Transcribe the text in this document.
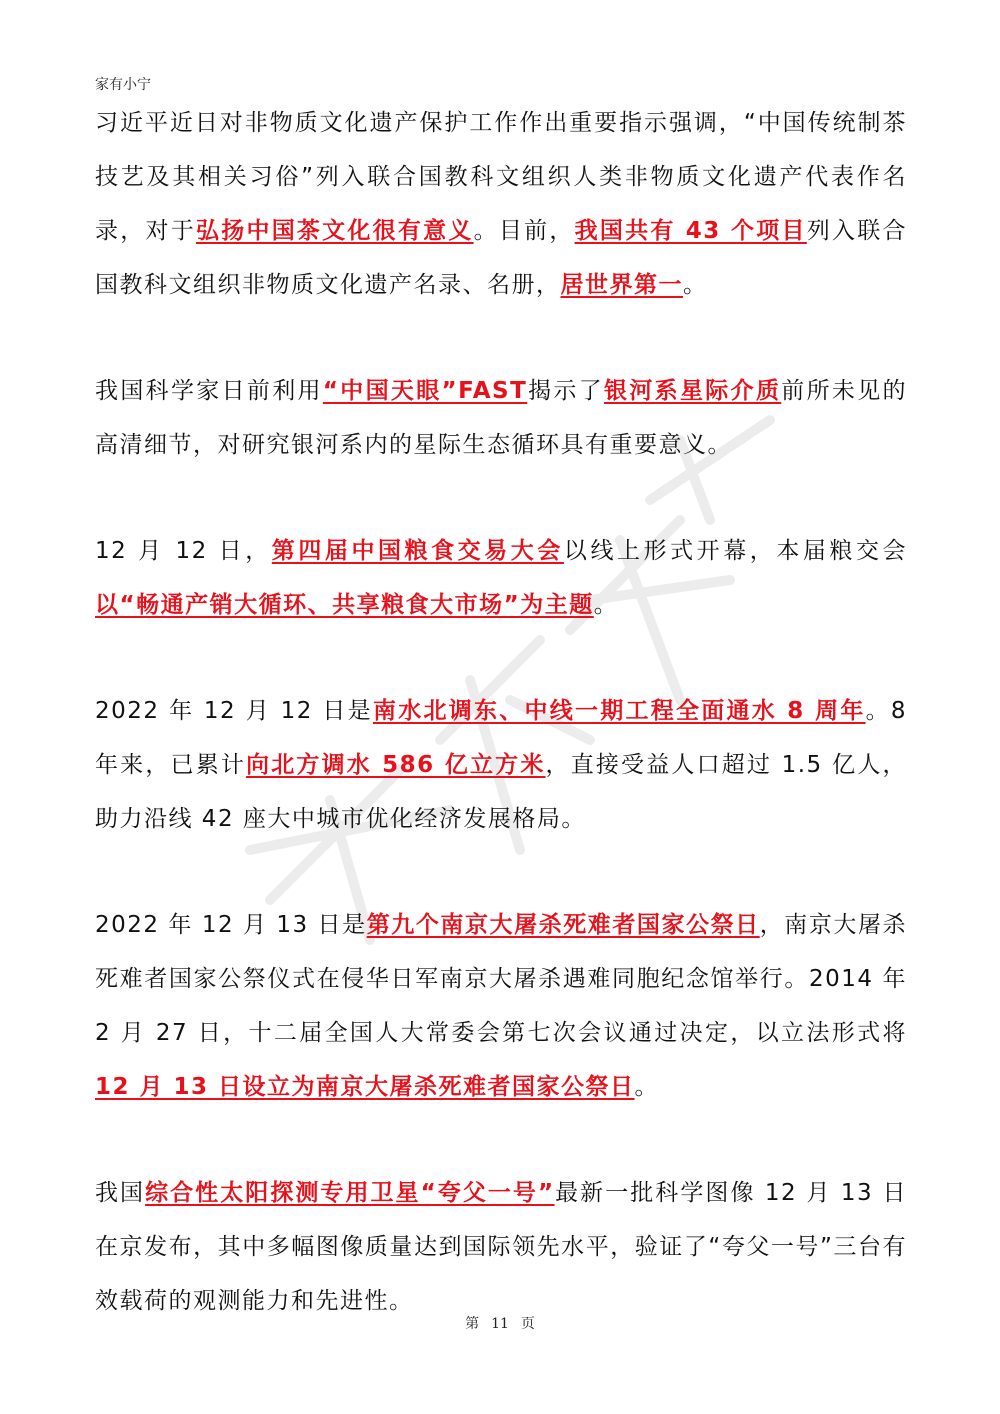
家有小宁

习近平近日对非物质文化遗产保护工作作出重要指示强调，“中国传统制茶技艺及其相关习俗”列入联合国教科文组织人类非物质文化遗产代表作名录，对于弘扬中国茶文化很有意义。目前，我国共有 43 个项目列入联合国教科文组织非物质文化遗产名录、名册，居世界第一。

我国科学家日前利用“中国天眼”FAST揭示了银河系星际介质前所未见的高清细节，对研究银河系内的星际生态循环具有重要意义。

12 月 12 日，第四届中国粮食交易大会以线上形式开幕，本届粮交会以“畅通产销大循环、共享粮食大市场”为主题。

2022 年 12 月 12 日是南水北调东、中线一期工程全面通水 8 周年。8 年来，已累计向北方调水 586 亿立方米，直接受益人口超过 1.5 亿人，助力沿线 42 座大中城市优化经济发展格局。

2022 年 12 月 13 日是第九个南京大屠杀死难者国家公祭日，南京大屠杀死难者国家公祭仪式在侵华日军南京大屠杀遇难同胞纪念馆举行。2014 年 2 月 27 日，十二届全国人大常委会第七次会议通过决定，以立法形式将 12 月 13 日设立为南京大屠杀死难者国家公祭日。

我国综合性太阳探测专用卫星“夸父一号”最新一批科学图像 12 月 13 日在京发布，其中多幅图像质量达到国际领先水平，验证了“夸父一号”三台有效载荷的观测能力和先进性。

第 11 页
